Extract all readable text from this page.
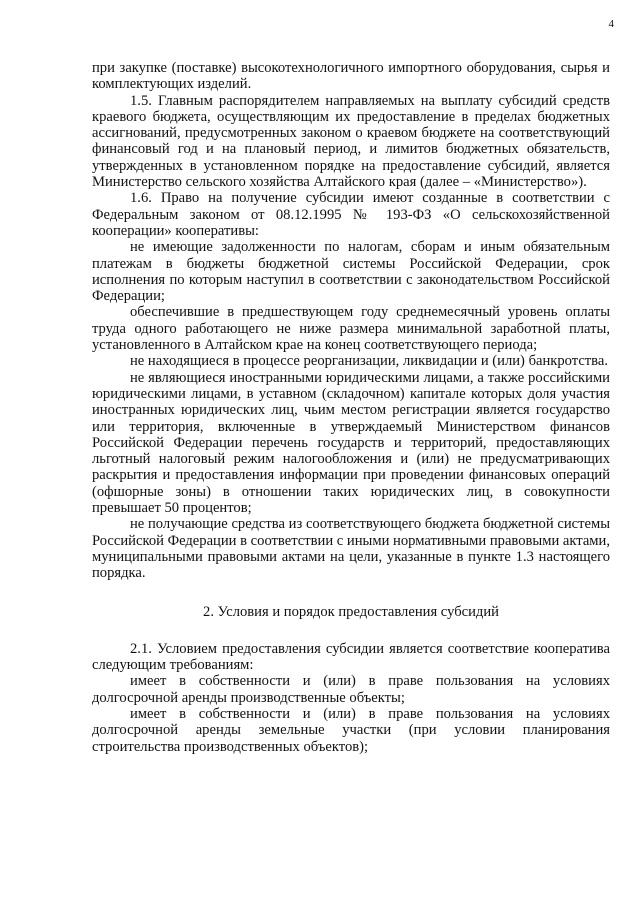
4

при закупке (поставке) высокотехнологичного импортного оборудования, сырья и комплектующих изделий.

1.5. Главным распорядителем направляемых на выплату субсидий средств краевого бюджета, осуществляющим их предоставление в пределах бюджетных ассигнований, предусмотренных законом о краевом бюджете на соответствующий финансовый год и на плановый период, и лимитов бюджетных обязательств, утвержденных в установленном порядке на предоставление субсидий, является Министерство сельского хозяйства Алтайского края (далее – «Министерство»).

1.6. Право на получение субсидии имеют созданные в соответствии с Федеральным законом от 08.12.1995 № 193-ФЗ «О сельскохозяйственной кооперации» кооперативы:

не имеющие задолженности по налогам, сборам и иным обязательным платежам в бюджеты бюджетной системы Российской Федерации, срок исполнения по которым наступил в соответствии с законодательством Российской Федерации;

обеспечившие в предшествующем году среднемесячный уровень оплаты труда одного работающего не ниже размера минимальной заработной платы, установленного в Алтайском крае на конец соответствующего периода;

не находящиеся в процессе реорганизации, ликвидации и (или) банкротства.

не являющиеся иностранными юридическими лицами, а также российскими юридическими лицами, в уставном (складочном) капитале которых доля участия иностранных юридических лиц, чьим местом регистрации является государство или территория, включенные в утверждаемый Министерством финансов Российской Федерации перечень государств и территорий, предоставляющих льготный налоговый режим налогообложения и (или) не предусматривающих раскрытия и предоставления информации при проведении финансовых операций (офшорные зоны) в отношении таких юридических лиц, в совокупности превышает 50 процентов;

не получающие средства из соответствующего бюджета бюджетной системы Российской Федерации в соответствии с иными нормативными правовыми актами, муниципальными правовыми актами на цели, указанные в пункте 1.3 настоящего порядка.

2. Условия и порядок предоставления субсидий

2.1. Условием предоставления субсидии является соответствие кооператива следующим требованиям:

имеет в собственности и (или) в праве пользования на условиях долгосрочной аренды производственные объекты;

имеет в собственности и (или) в праве пользования на условиях долгосрочной аренды земельные участки (при условии планирования строительства производственных объектов);
